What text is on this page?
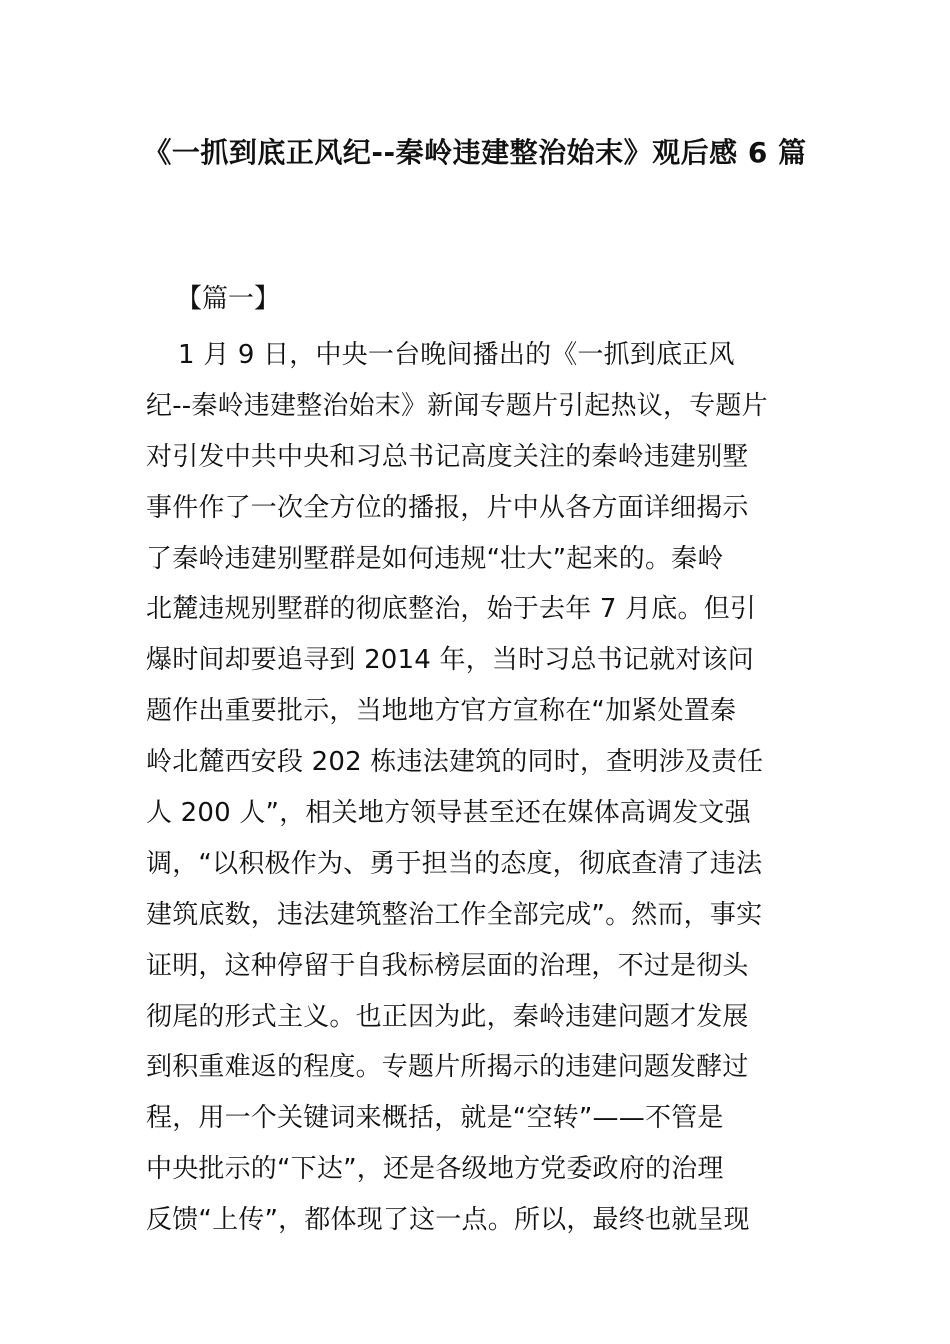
《一抓到底正风纪--秦岭违建整治始末》观后感 6 篇

【篇一】

1 月 9 日，中央一台晚间播出的《一抓到底正风
纪--秦岭违建整治始末》新闻专题片引起热议，专题片
对引发中共中央和习总书记高度关注的秦岭违建别墅
事件作了一次全方位的播报，片中从各方面详细揭示
了秦岭违建别墅群是如何违规“壮大”起来的。秦岭
北麓违规别墅群的彻底整治，始于去年 7 月底。但引
爆时间却要追寻到 2014 年，当时习总书记就对该问
题作出重要批示，当地地方官方宣称在“加紧处置秦
岭北麓西安段 202 栋违法建筑的同时，查明涉及责任
人 200 人”，相关地方领导甚至还在媒体高调发文强
调，“以积极作为、勇于担当的态度，彻底查清了违法
建筑底数，违法建筑整治工作全部完成”。然而，事实
证明，这种停留于自我标榜层面的治理，不过是彻头
彻尾的形式主义。也正因为此，秦岭违建问题才发展
到积重难返的程度。专题片所揭示的违建问题发酵过
程，用一个关键词来概括，就是“空转”——不管是
中央批示的“下达”，还是各级地方党委政府的治理
反馈“上传”，都体现了这一点。所以，最终也就呈现
